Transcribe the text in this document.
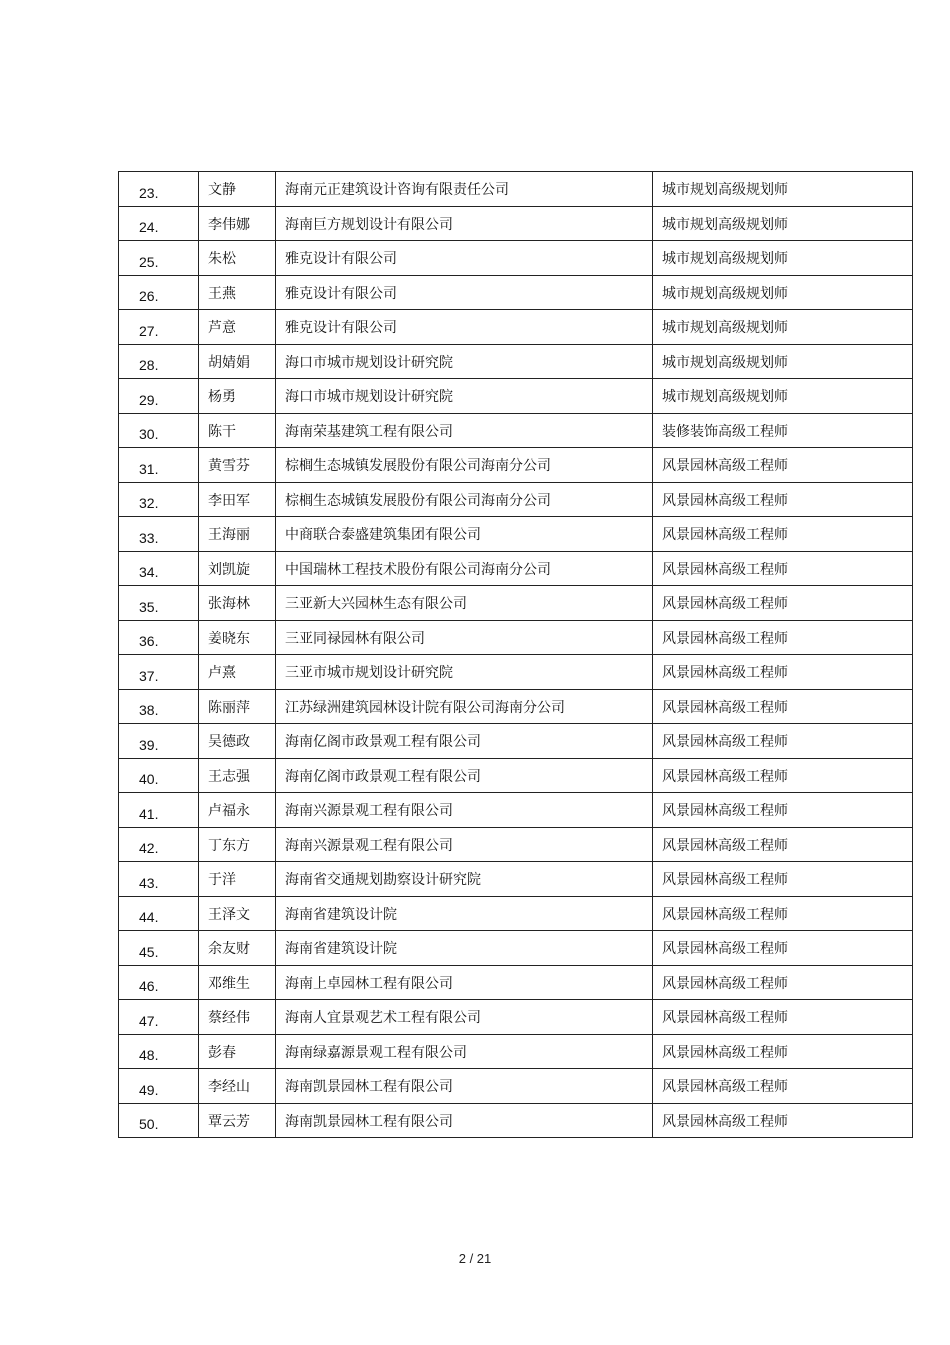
23.	文静	海南元正建筑设计咨询有限责任公司	城市规划高级规划师
24.	李伟娜	海南巨方规划设计有限公司	城市规划高级规划师
25.	朱松	雅克设计有限公司	城市规划高级规划师
26.	王燕	雅克设计有限公司	城市规划高级规划师
27.	芦意	雅克设计有限公司	城市规划高级规划师
28.	胡婧娟	海口市城市规划设计研究院	城市规划高级规划师
29.	杨勇	海口市城市规划设计研究院	城市规划高级规划师
30.	陈干	海南荣基建筑工程有限公司	装修装饰高级工程师
31.	黄雪芬	棕榈生态城镇发展股份有限公司海南分公司	风景园林高级工程师
32.	李田军	棕榈生态城镇发展股份有限公司海南分公司	风景园林高级工程师
33.	王海丽	中商联合泰盛建筑集团有限公司	风景园林高级工程师
34.	刘凯旋	中国瑞林工程技术股份有限公司海南分公司	风景园林高级工程师
35.	张海林	三亚新大兴园林生态有限公司	风景园林高级工程师
36.	姜晓东	三亚同禄园林有限公司	风景园林高级工程师
37.	卢熹	三亚市城市规划设计研究院	风景园林高级工程师
38.	陈丽萍	江苏绿洲建筑园林设计院有限公司海南分公司	风景园林高级工程师
39.	吴德政	海南亿阁市政景观工程有限公司	风景园林高级工程师
40.	王志强	海南亿阁市政景观工程有限公司	风景园林高级工程师
41.	卢福永	海南兴源景观工程有限公司	风景园林高级工程师
42.	丁东方	海南兴源景观工程有限公司	风景园林高级工程师
43.	于洋	海南省交通规划勘察设计研究院	风景园林高级工程师
44.	王泽文	海南省建筑设计院	风景园林高级工程师
45.	余友财	海南省建筑设计院	风景园林高级工程师
46.	邓维生	海南上卓园林工程有限公司	风景园林高级工程师
47.	蔡经伟	海南人宜景观艺术工程有限公司	风景园林高级工程师
48.	彭春	海南绿嘉源景观工程有限公司	风景园林高级工程师
49.	李经山	海南凯景园林工程有限公司	风景园林高级工程师
50.	覃云芳	海南凯景园林工程有限公司	风景园林高级工程师
2 / 21
